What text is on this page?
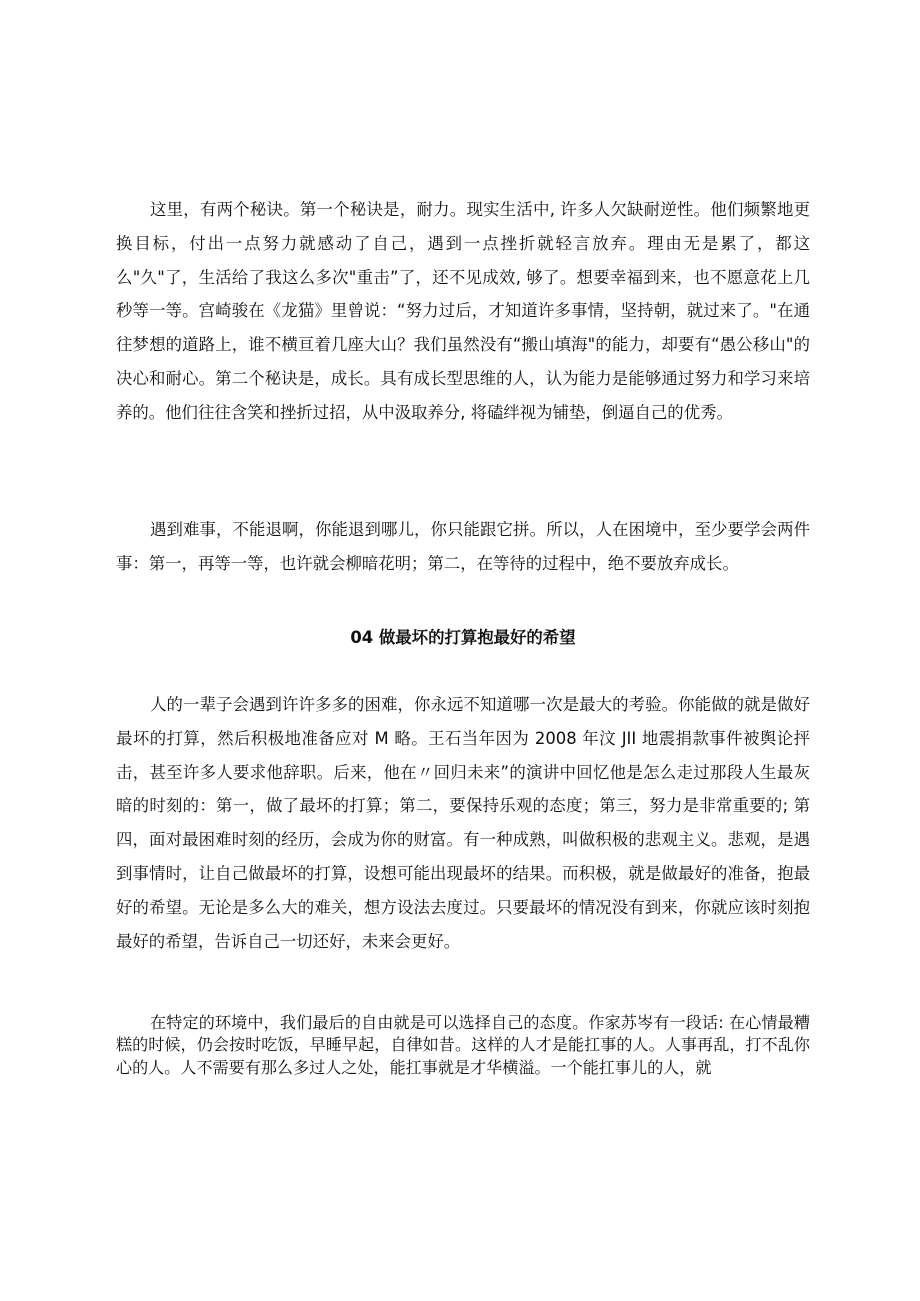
这里，有两个秘诀。第一个秘诀是，耐力。现实生活中, 许多人欠缺耐逆性。他们频繁地更换目标，付出一点努力就感动了自己，遇到一点挫折就轻言放弃。理由无是累了，都这么"久"了，生活给了我这么多次"重击”了，还不见成效, 够了。想要幸福到来，也不愿意花上几秒等一等。宫崎骏在《龙猫》里曾说：“努力过后，才知道许多事情，坚持朝，就过来了。"在通往梦想的道路上，谁不横亘着几座大山？我们虽然没有“搬山填海"的能力，却要有“愚公移山"的决心和耐心。第二个秘诀是，成长。具有成长型思维的人，认为能力是能够通过努力和学习来培养的。他们往往含笑和挫折过招，从中汲取养分, 将磕绊视为铺垫，倒逼自己的优秀。

遇到难事，不能退啊，你能退到哪儿，你只能跟它拼。所以，人在困境中，至少要学会两件事：第一，再等一等，也许就会柳暗花明；第二，在等待的过程中，绝不要放弃成长。

04 做最坏的打算抱最好的希望

人的一辈子会遇到许许多多的困难，你永远不知道哪一次是最大的考验。你能做的就是做好最坏的打算，然后积极地准备应对 M 略。王石当年因为 2008 年汶 JII 地震捐款事件被舆论抨击，甚至许多人要求他辞职。后来，他在〃回归未来”的演讲中回忆他是怎么走过那段人生最灰暗的时刻的：第一，做了最坏的打算；第二，要保持乐观的态度；第三，努力是非常重要的; 第四，面对最困难时刻的经历，会成为你的财富。有一种成熟，叫做积极的悲观主义。悲观，是遇到事情时，让自己做最坏的打算，设想可能出现最坏的结果。而积极，就是做最好的准备，抱最好的希望。无论是多么大的难关，想方设法去度过。只要最坏的情况没有到来，你就应该时刻抱最好的希望，告诉自己一切还好，未来会更好。

在特定的环境中，我们最后的自由就是可以选择自己的态度。作家苏岑有一段话: 在心情最糟糕的时候，仍会按时吃饭，早睡早起，自律如昔。这样的人才是能扛事的人。人事再乱，打不乱你心的人。人不需要有那么多过人之处，能扛事就是才华横溢。一个能扛事儿的人，就
